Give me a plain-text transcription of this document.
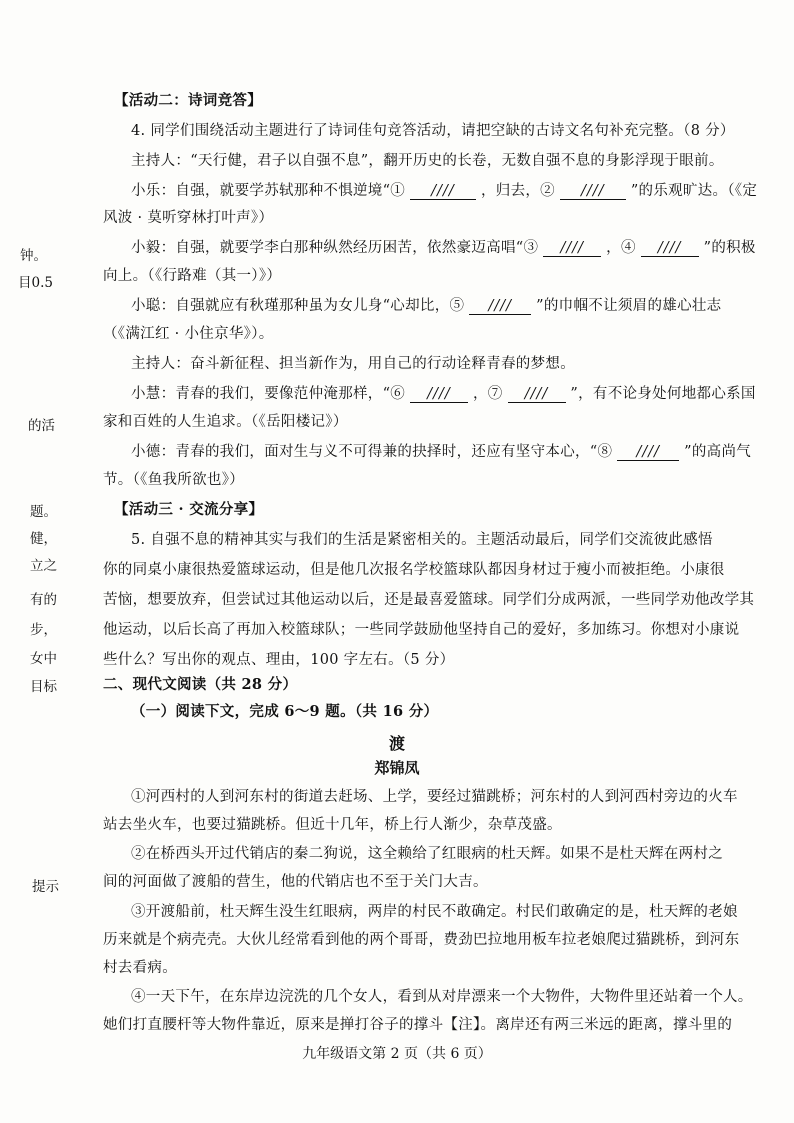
钟。
目0.5
的活
题。
健，
立之
有的
步，
女中
目标
提示
【活动二：诗词竞答】
4. 同学们围绕活动主题进行了诗词佳句竞答活动，请把空缺的古诗文名句补充完整。（8 分）
主持人：“天行健，君子以自强不息”，翻开历史的长卷，无数自强不息的身影浮现于眼前。
小乐：自强，就要学苏轼那种不惧逆境“① //// ，归去，② //// ”的乐观旷达。（《定
风波 · 莫听穿林打叶声》）
小毅：自强，就要学李白那种纵然经历困苦，依然豪迈高唱“③ //// ，④ //// ”的积极
向上。（《行路难（其一）》）
小聪：自强就应有秋瑾那种虽为女儿身“心却比，⑤ //// ”的巾帼不让须眉的雄心壮志
（《满江红 · 小住京华》）。
主持人：奋斗新征程、担当新作为，用自己的行动诠释青春的梦想。
小慧：青春的我们，要像范仲淹那样，“⑥ //// ，⑦ //// ”，有不论身处何地都心系国
家和百姓的人生追求。（《岳阳楼记》）
小德：青春的我们，面对生与义不可得兼的抉择时，还应有坚守本心，“⑧ //// ”的高尚气
节。（《鱼我所欲也》）
【活动三 · 交流分享】
5. 自强不息的精神其实与我们的生活是紧密相关的。主题活动最后，同学们交流彼此感悟
你的同桌小康很热爱篮球运动，但是他几次报名学校篮球队都因身材过于瘦小而被拒绝。小康很
苦恼，想要放弃，但尝试过其他运动以后，还是最喜爱篮球。同学们分成两派，一些同学劝他改学其
他运动，以后长高了再加入校篮球队；一些同学鼓励他坚持自己的爱好，多加练习。你想对小康说
些什么？写出你的观点、理由，100 字左右。（5 分）
二、现代文阅读（共 28 分）
（一）阅读下文，完成 6～9 题。（共 16 分）
渡
郑锦凤
①河西村的人到河东村的街道去赶场、上学，要经过猫跳桥；河东村的人到河西村旁边的火车
站去坐火车，也要过猫跳桥。但近十几年，桥上行人渐少，杂草茂盛。
②在桥西头开过代销店的秦二狗说，这全赖给了红眼病的杜天辉。如果不是杜天辉在两村之
间的河面做了渡船的营生，他的代销店也不至于关门大吉。
③开渡船前，杜天辉生没生红眼病，两岸的村民不敢确定。村民们敢确定的是，杜天辉的老娘
历来就是个病壳壳。大伙儿经常看到他的两个哥哥，费劲巴拉地用板车拉老娘爬过猫跳桥，到河东
村去看病。
④一天下午，在东岸边浣洗的几个女人，看到从对岸漂来一个大物件，大物件里还站着一个人。
她们打直腰杆等大物件靠近，原来是掸打谷子的撑斗【注】。离岸还有两三米远的距离，撑斗里的
九年级语文第 2 页（共 6 页）
